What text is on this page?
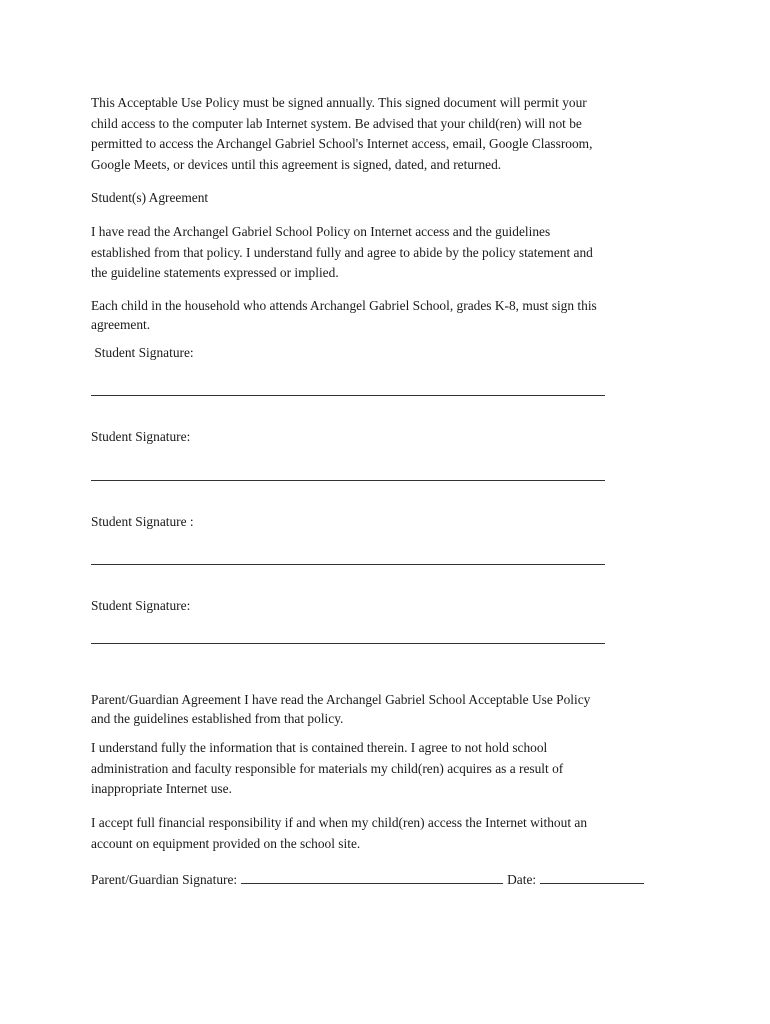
This Acceptable Use Policy must be signed annually. This signed document will permit your
child access to the computer lab Internet system. Be advised that your child(ren) will not be
permitted to access the Archangel Gabriel School's Internet access, email, Google Classroom,
Google Meets, or devices until this agreement is signed, dated, and returned.

Student(s) Agreement

I have read the Archangel Gabriel School Policy on Internet access and the guidelines
established from that policy. I understand fully and agree to abide by the policy statement and
the guideline statements expressed or implied.

Each child in the household who attends Archangel Gabriel School, grades K-8, must sign this
agreement.

Student Signature:

Student Signature:

Student Signature :

Student Signature:

Parent/Guardian Agreement I have read the Archangel Gabriel School Acceptable Use Policy
and the guidelines established from that policy.

I understand fully the information that is contained therein. I agree to not hold school
administration and faculty responsible for materials my child(ren) acquires as a result of
inappropriate Internet use.

I accept full financial responsibility if and when my child(ren) access the Internet without an
account on equipment provided on the school site.

Parent/Guardian Signature:	Date:
